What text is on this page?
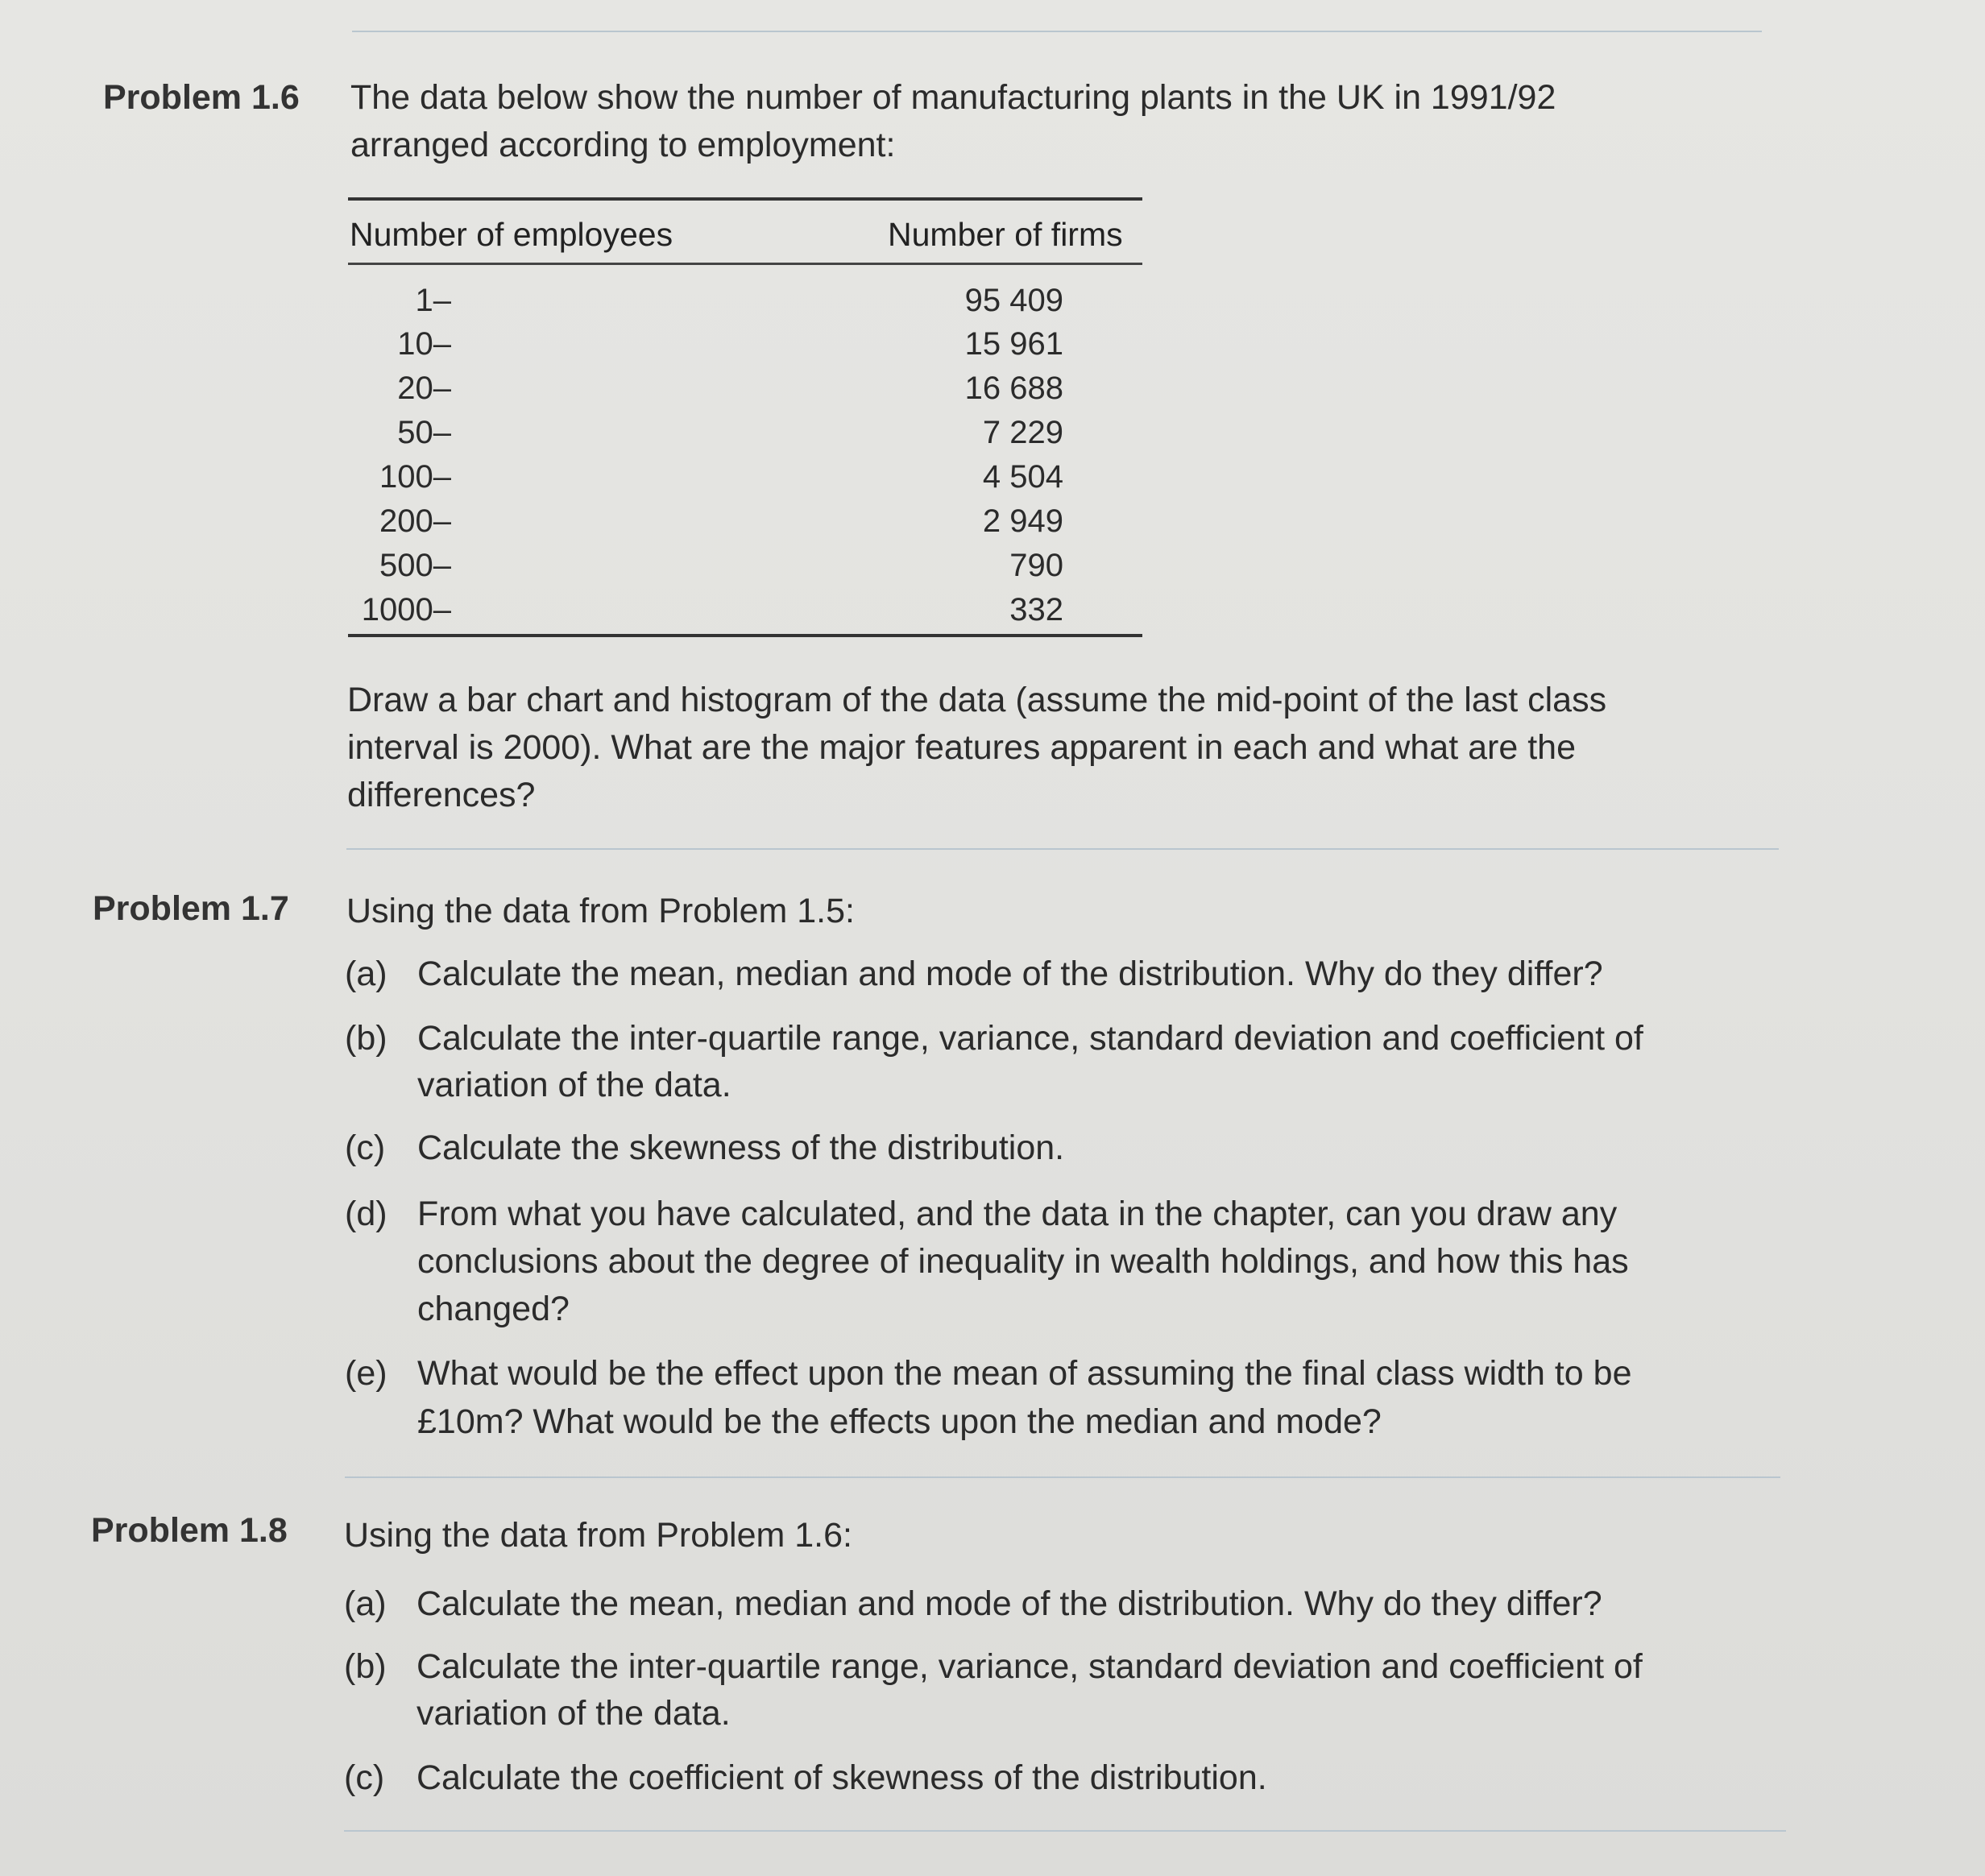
Problem 1.6 The data below show the number of manufacturing plants in the UK in 1991/92
arranged according to employment:
Number of employees	Number of firms
1–	95 409
10–	15 961
20–	16 688
50–	7 229
100–	4 504
200–	2 949
500–	790
1000–	332
Draw a bar chart and histogram of the data (assume the mid-point of the last class
interval is 2000). What are the major features apparent in each and what are the
differences?
Problem 1.7 Using the data from Problem 1.5:
(a) Calculate the mean, median and mode of the distribution. Why do they differ?
(b) Calculate the inter-quartile range, variance, standard deviation and coefficient of
variation of the data.
(c) Calculate the skewness of the distribution.
(d) From what you have calculated, and the data in the chapter, can you draw any
conclusions about the degree of inequality in wealth holdings, and how this has
changed?
(e) What would be the effect upon the mean of assuming the final class width to be
£10m? What would be the effects upon the median and mode?
Problem 1.8 Using the data from Problem 1.6:
(a) Calculate the mean, median and mode of the distribution. Why do they differ?
(b) Calculate the inter-quartile range, variance, standard deviation and coefficient of
variation of the data.
(c) Calculate the coefficient of skewness of the distribution.
